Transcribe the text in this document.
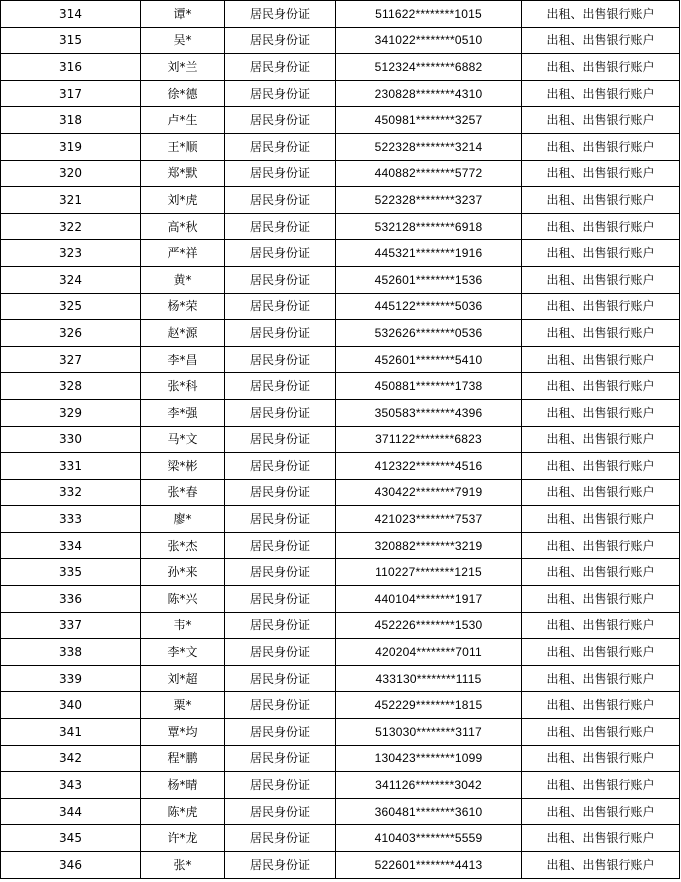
314	谭*	居民身份证	511622********1015	出租、出售银行账户
315	吴*	居民身份证	341022********0510	出租、出售银行账户
316	刘*兰	居民身份证	512324********6882	出租、出售银行账户
317	徐*德	居民身份证	230828********4310	出租、出售银行账户
318	卢*生	居民身份证	450981********3257	出租、出售银行账户
319	王*顺	居民身份证	522328********3214	出租、出售银行账户
320	郑*默	居民身份证	440882********5772	出租、出售银行账户
321	刘*虎	居民身份证	522328********3237	出租、出售银行账户
322	高*秋	居民身份证	532128********6918	出租、出售银行账户
323	严*祥	居民身份证	445321********1916	出租、出售银行账户
324	黄*	居民身份证	452601********1536	出租、出售银行账户
325	杨*荣	居民身份证	445122********5036	出租、出售银行账户
326	赵*源	居民身份证	532626********0536	出租、出售银行账户
327	李*昌	居民身份证	452601********5410	出租、出售银行账户
328	张*科	居民身份证	450881********1738	出租、出售银行账户
329	李*强	居民身份证	350583********4396	出租、出售银行账户
330	马*文	居民身份证	371122********6823	出租、出售银行账户
331	梁*彬	居民身份证	412322********4516	出租、出售银行账户
332	张*春	居民身份证	430422********7919	出租、出售银行账户
333	廖*	居民身份证	421023********7537	出租、出售银行账户
334	张*杰	居民身份证	320882********3219	出租、出售银行账户
335	孙*来	居民身份证	110227********1215	出租、出售银行账户
336	陈*兴	居民身份证	440104********1917	出租、出售银行账户
337	韦*	居民身份证	452226********1530	出租、出售银行账户
338	李*文	居民身份证	420204********7011	出租、出售银行账户
339	刘*超	居民身份证	433130********1115	出租、出售银行账户
340	粟*	居民身份证	452229********1815	出租、出售银行账户
341	覃*均	居民身份证	513030********3117	出租、出售银行账户
342	程*鹏	居民身份证	130423********1099	出租、出售银行账户
343	杨*晴	居民身份证	341126********3042	出租、出售银行账户
344	陈*虎	居民身份证	360481********3610	出租、出售银行账户
345	许*龙	居民身份证	410403********5559	出租、出售银行账户
346	张*	居民身份证	522601********4413	出租、出售银行账户
